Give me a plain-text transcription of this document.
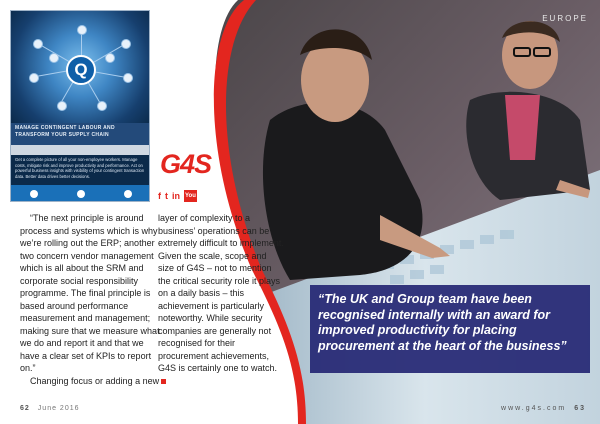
Q
MANAGE CONTINGENT LABOUR AND TRANSFORM YOUR SUPPLY CHAIN
Get a complete picture of all your non-employee workers. Manage costs, mitigate risk and improve productivity and performance. Act on powerful business insights with visibility of your contingent transaction data. Better data drives better decisions.	G4S
f t in You

“The next principle is around process and systems which is why we’re rolling out the ERP; another two concern vendor management which is all about the SRM and corporate social responsibility programme. The final principle is based around performance measurement and management; making sure that we measure what we do and report it and that we have a clear set of KPIs to report on.”

Changing focus or adding a new

layer of complexity to a business’ operations can be extremely difficult to implement. Given the scale, scope and size of G4S – not to mention the critical security role it plays on a daily basis – this achievement is particularly noteworthy. While security companies are generally not recognised for their procurement achievements, G4S is certainly one to watch.

EUROPE
“The UK and Group team have been recognised internally with an award for improved productivity for placing procurement at the heart of the business”
62 June 2016	www.g4s.com 63
